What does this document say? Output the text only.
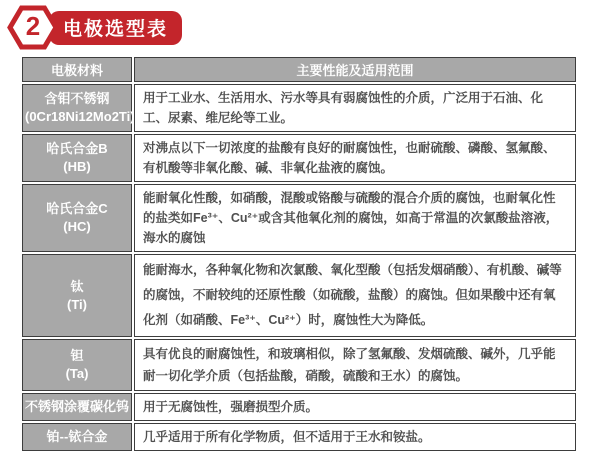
2	电极选型表
电极材料	主要性能及适用范围

含钼不锈钢
(0Cr18Ni12Mo2Ti)	用于工业水、生活用水、污水等具有弱腐蚀性的介质，广泛用于石油、化工、尿素、维尼纶等工业。

哈氏合金B
(HB)	对沸点以下一切浓度的盐酸有良好的耐腐蚀性，也耐硫酸、磷酸、氢氟酸、有机酸等非氧化酸、碱、非氧化盐液的腐蚀。

哈氏合金C
(HC)	能耐氧化性酸，如硝酸，混酸或铬酸与硫酸的混合介质的腐蚀，也耐氧化性的盐类如Fe³⁺、Cu²⁺或含其他氧化剂的腐蚀，如高于常温的次氯酸盐溶液，海水的腐蚀

钛
(Ti)	能耐海水，各种氧化物和次氯酸、氧化型酸（包括发烟硝酸）、有机酸、碱等的腐蚀，不耐较纯的还原性酸（如硫酸，盐酸）的腐蚀。但如果酸中还有氧化剂（如硝酸、Fe³⁺、Cu²⁺）时，腐蚀性大为降低。

钽
(Ta)	具有优良的耐腐蚀性，和玻璃相似，除了氢氟酸、发烟硫酸、碱外，几乎能耐一切化学介质（包括盐酸，硝酸，硫酸和王水）的腐蚀。

不锈钢涂覆碳化钨	用于无腐蚀性，强磨损型介质。

铂--铱合金	几乎适用于所有化学物质，但不适用于王水和铵盐。
